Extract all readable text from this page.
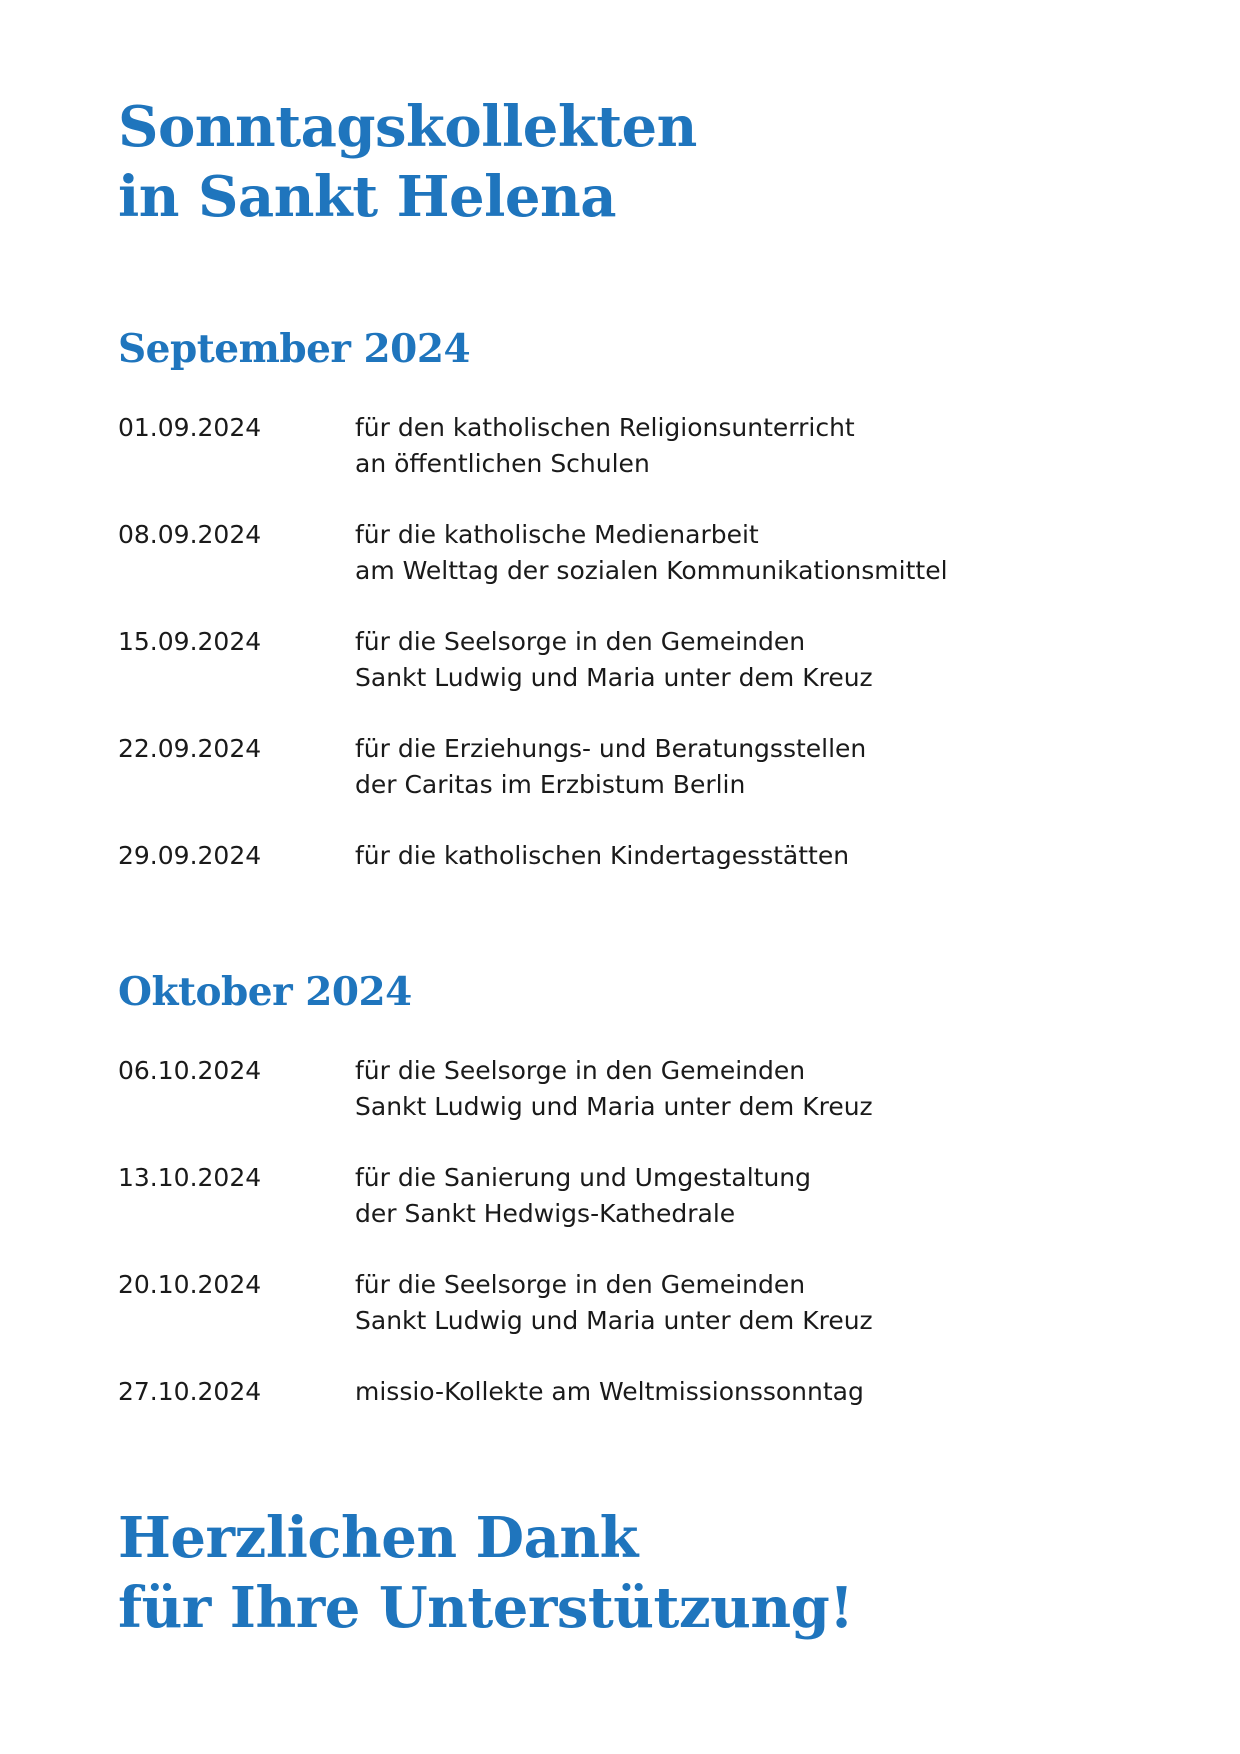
Sonntagskollekten
in Sankt Helena
September 2024
01.09.2024	für den katholischen Religionsunterricht
an öffentlichen Schulen
08.09.2024	für die katholische Medienarbeit
am Welttag der sozialen Kommunikationsmittel
15.09.2024	für die Seelsorge in den Gemeinden
Sankt Ludwig und Maria unter dem Kreuz
22.09.2024	für die Erziehungs- und Beratungsstellen
der Caritas im Erzbistum Berlin
29.09.2024	für die katholischen Kindertagesstätten
Oktober 2024
06.10.2024	für die Seelsorge in den Gemeinden
Sankt Ludwig und Maria unter dem Kreuz
13.10.2024	für die Sanierung und Umgestaltung
der Sankt Hedwigs-Kathedrale
20.10.2024	für die Seelsorge in den Gemeinden
Sankt Ludwig und Maria unter dem Kreuz
27.10.2024	missio-Kollekte am Weltmissionssonntag
Herzlichen Dank
für Ihre Unterstützung!
